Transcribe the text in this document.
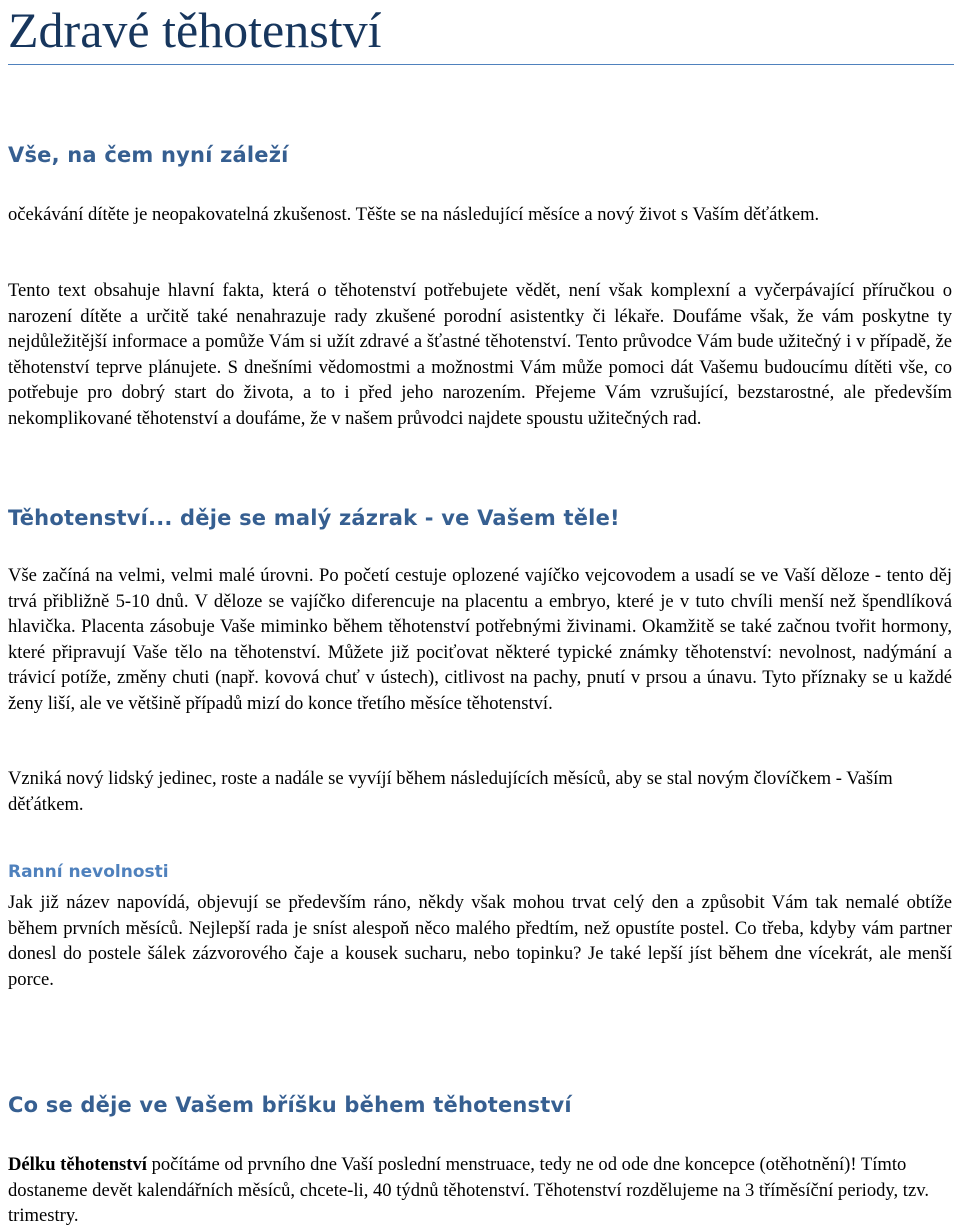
Zdravé těhotenství
Vše, na čem nyní záleží

očekávání dítěte je neopakovatelná zkušenost. Těšte se na následující měsíce a nový život s Vaším děťátkem.

Tento text obsahuje hlavní fakta, která o těhotenství potřebujete vědět, není však komplexní a vyčerpávající příručkou o narození dítěte a určitě také nenahrazuje rady zkušené porodní asistentky či lékaře. Doufáme však, že vám poskytne ty nejdůležitější informace a pomůže Vám si užít zdravé a šťastné těhotenství. Tento průvodce Vám bude užitečný i v případě, že těhotenství teprve plánujete. S dnešními vědomostmi a možnostmi Vám může pomoci dát Vašemu budoucímu dítěti vše, co potřebuje pro dobrý start do života, a to i před jeho narozením. Přejeme Vám vzrušující, bezstarostné, ale především nekomplikované těhotenství a doufáme, že v našem průvodci najdete spoustu užitečných rad.

Těhotenství... děje se malý zázrak - ve Vašem těle!

Vše začíná na velmi, velmi malé úrovni. Po početí cestuje oplozené vajíčko vejcovodem a usadí se ve Vaší děloze - tento děj trvá přibližně 5-10 dnů. V děloze se vajíčko diferencuje na placentu a embryo, které je v tuto chvíli menší než špendlíková hlavička. Placenta zásobuje Vaše miminko během těhotenství potřebnými živinami. Okamžitě se také začnou tvořit hormony, které připravují Vaše tělo na těhotenství. Můžete již pociťovat některé typické známky těhotenství: nevolnost, nadýmání a trávicí potíže, změny chuti (např. kovová chuť v ústech), citlivost na pachy, pnutí v prsou a únavu. Tyto příznaky se u každé ženy liší, ale ve většině případů mizí do konce třetího měsíce těhotenství.

Vzniká nový lidský jedinec, roste a nadále se vyvíjí během následujících měsíců, aby se stal novým človíčkem - Vaším děťátkem.

Ranní nevolnosti

Jak již název napovídá, objevují se především ráno, někdy však mohou trvat celý den a způsobit Vám tak nemalé obtíže během prvních měsíců. Nejlepší rada je sníst alespoň něco malého předtím, než opustíte postel. Co třeba, kdyby vám partner donesl do postele šálek zázvorového čaje a kousek sucharu, nebo topinku? Je také lepší jíst během dne vícekrát, ale menší porce.

Co se děje ve Vašem bříšku během těhotenství

Délku těhotenství počítáme od prvního dne Vaší poslední menstruace, tedy ne od ode dne koncepce (otěhotnění)! Tímto dostaneme devět kalendářních měsíců, chcete-li, 40 týdnů těhotenství. Těhotenství rozdělujeme na 3 tříměsíční periody, tzv. trimestry.
